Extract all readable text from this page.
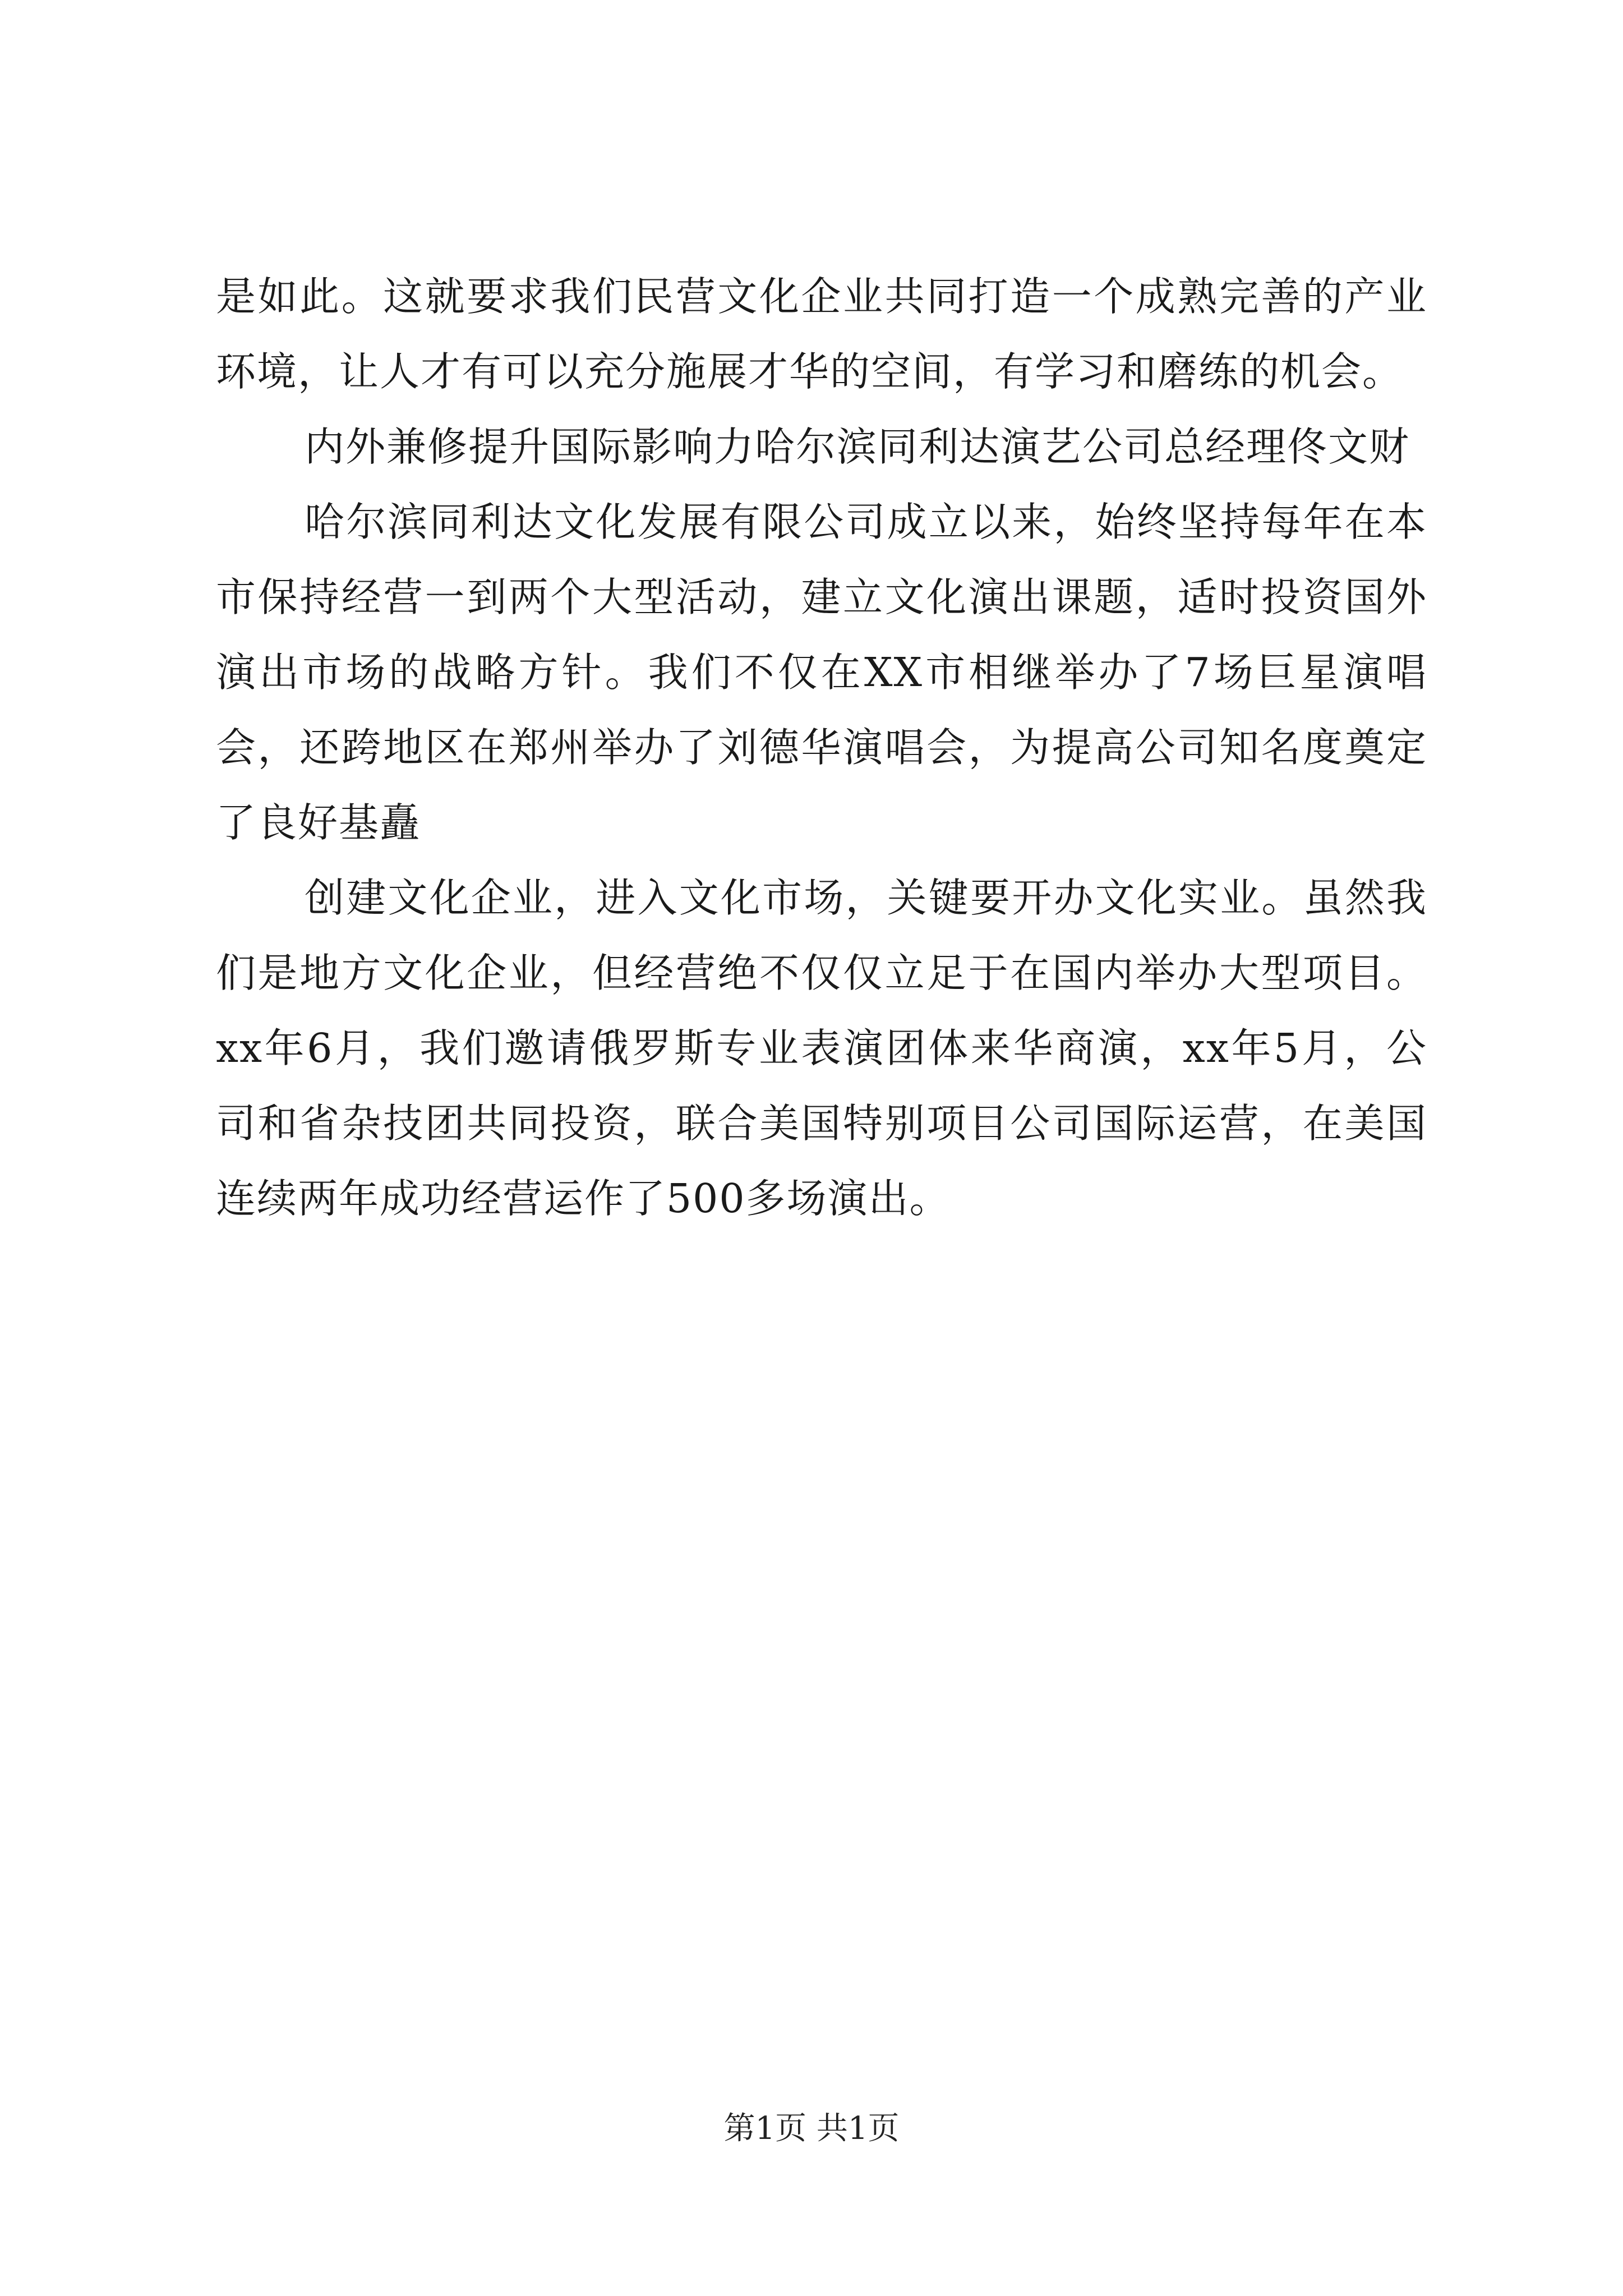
是如此。这就要求我们民营文化企业共同打造一个成熟完善的产业环境，让人才有可以充分施展才华的空间，有学习和磨练的机会。

内外兼修提升国际影响力哈尔滨同利达演艺公司总经理佟文财

哈尔滨同利达文化发展有限公司成立以来，始终坚持每年在本市保持经营一到两个大型活动，建立文化演出课题，适时投资国外演出市场的战略方针。我们不仅在XX市相继举办了7场巨星演唱会，还跨地区在郑州举办了刘德华演唱会，为提高公司知名度奠定了良好基矗

创建文化企业，进入文化市场，关键要开办文化实业。虽然我们是地方文化企业，但经营绝不仅仅立足于在国内举办大型项目。xx年6月，我们邀请俄罗斯专业表演团体来华商演，xx年5月，公司和省杂技团共同投资，联合美国特别项目公司国际运营，在美国连续两年成功经营运作了500多场演出。

第1页 共1页
